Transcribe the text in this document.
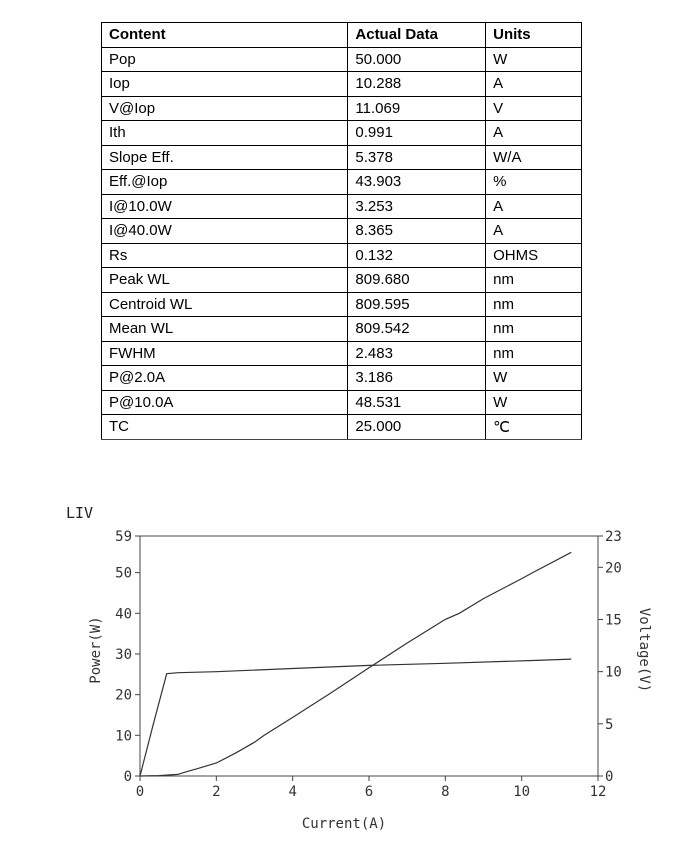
Content	Actual Data	Units
Pop	50.000	W
Iop	10.288	A
V@Iop	11.069	V
Ith	0.991	A
Slope Eff.	5.378	W/A
Eff.@Iop	43.903	%
I@10.0W	3.253	A
I@40.0W	8.365	A
Rs	0.132	OHMS
Peak WL	809.680	nm
Centroid WL	809.595	nm
Mean WL	809.542	nm
FWHM	2.483	nm
P@2.0A	3.186	W
P@10.0A	48.531	W
TC	25.000	℃
LIV
0	2	4	6	8	10	12
0
10
20
30
40
50
59
0
5
10
15
20
23
Current(A)
Power(W)	Voltage(V)
